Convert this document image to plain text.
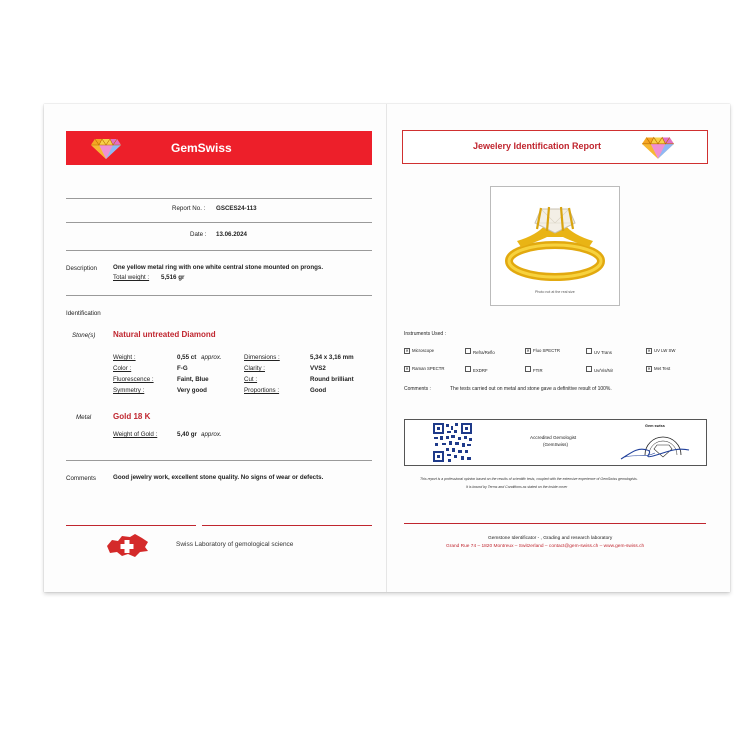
GemSwiss
Report No. : GSCES24-113
Date : 13.06.2024
Description	One yellow metal ring with one white central stone mounted on prongs.
Total weight : 5,516 gr
Identification
Stone(s) Natural untreated Diamond
Weight :	0,55 ct approx.
Color :	F-G
Fluorescence :	Faint, Blue
Symmetry :	Very good
Dimensions :	5,34 x 3,16 mm
Clarity :	VVS2
Cut :	Round brilliant
Proportions :	Good
Metal	Gold 18 K
Weight of Gold :	5,40 gr approx.
Comments	Good jewelry work, excellent stone quality. No signs of wear or defects.
Swiss Laboratory of gemological science
Jewelery Identification Report
Photo not at the real size
Instruments Used :
✕ Microscope	Refra/Reflo	✕ Fluo SPECTR	UV Trans	✕ UV LW SW
✕ Raman SPECTR	EXDRF	FTIR	Uv/Vis/Nir	✕ Met Test
Comments :	The tests carried out on metal and stone gave a definitive result of 100%.
Accredited Gemologist
(GemSwiss)
Gem swiss
This report is a professional opinion based on the results of scientific tests, coupled with the extensive experience of GemSwiss gemologists.
It is bound by Terms and Conditions as stated on the inside cover
Gemstone Identificator - , Grading and research laboratory
Grand Rue 74 – 1820 Montreux – Switzerland – contact@gem-swiss.ch – www.gem-swiss.ch
